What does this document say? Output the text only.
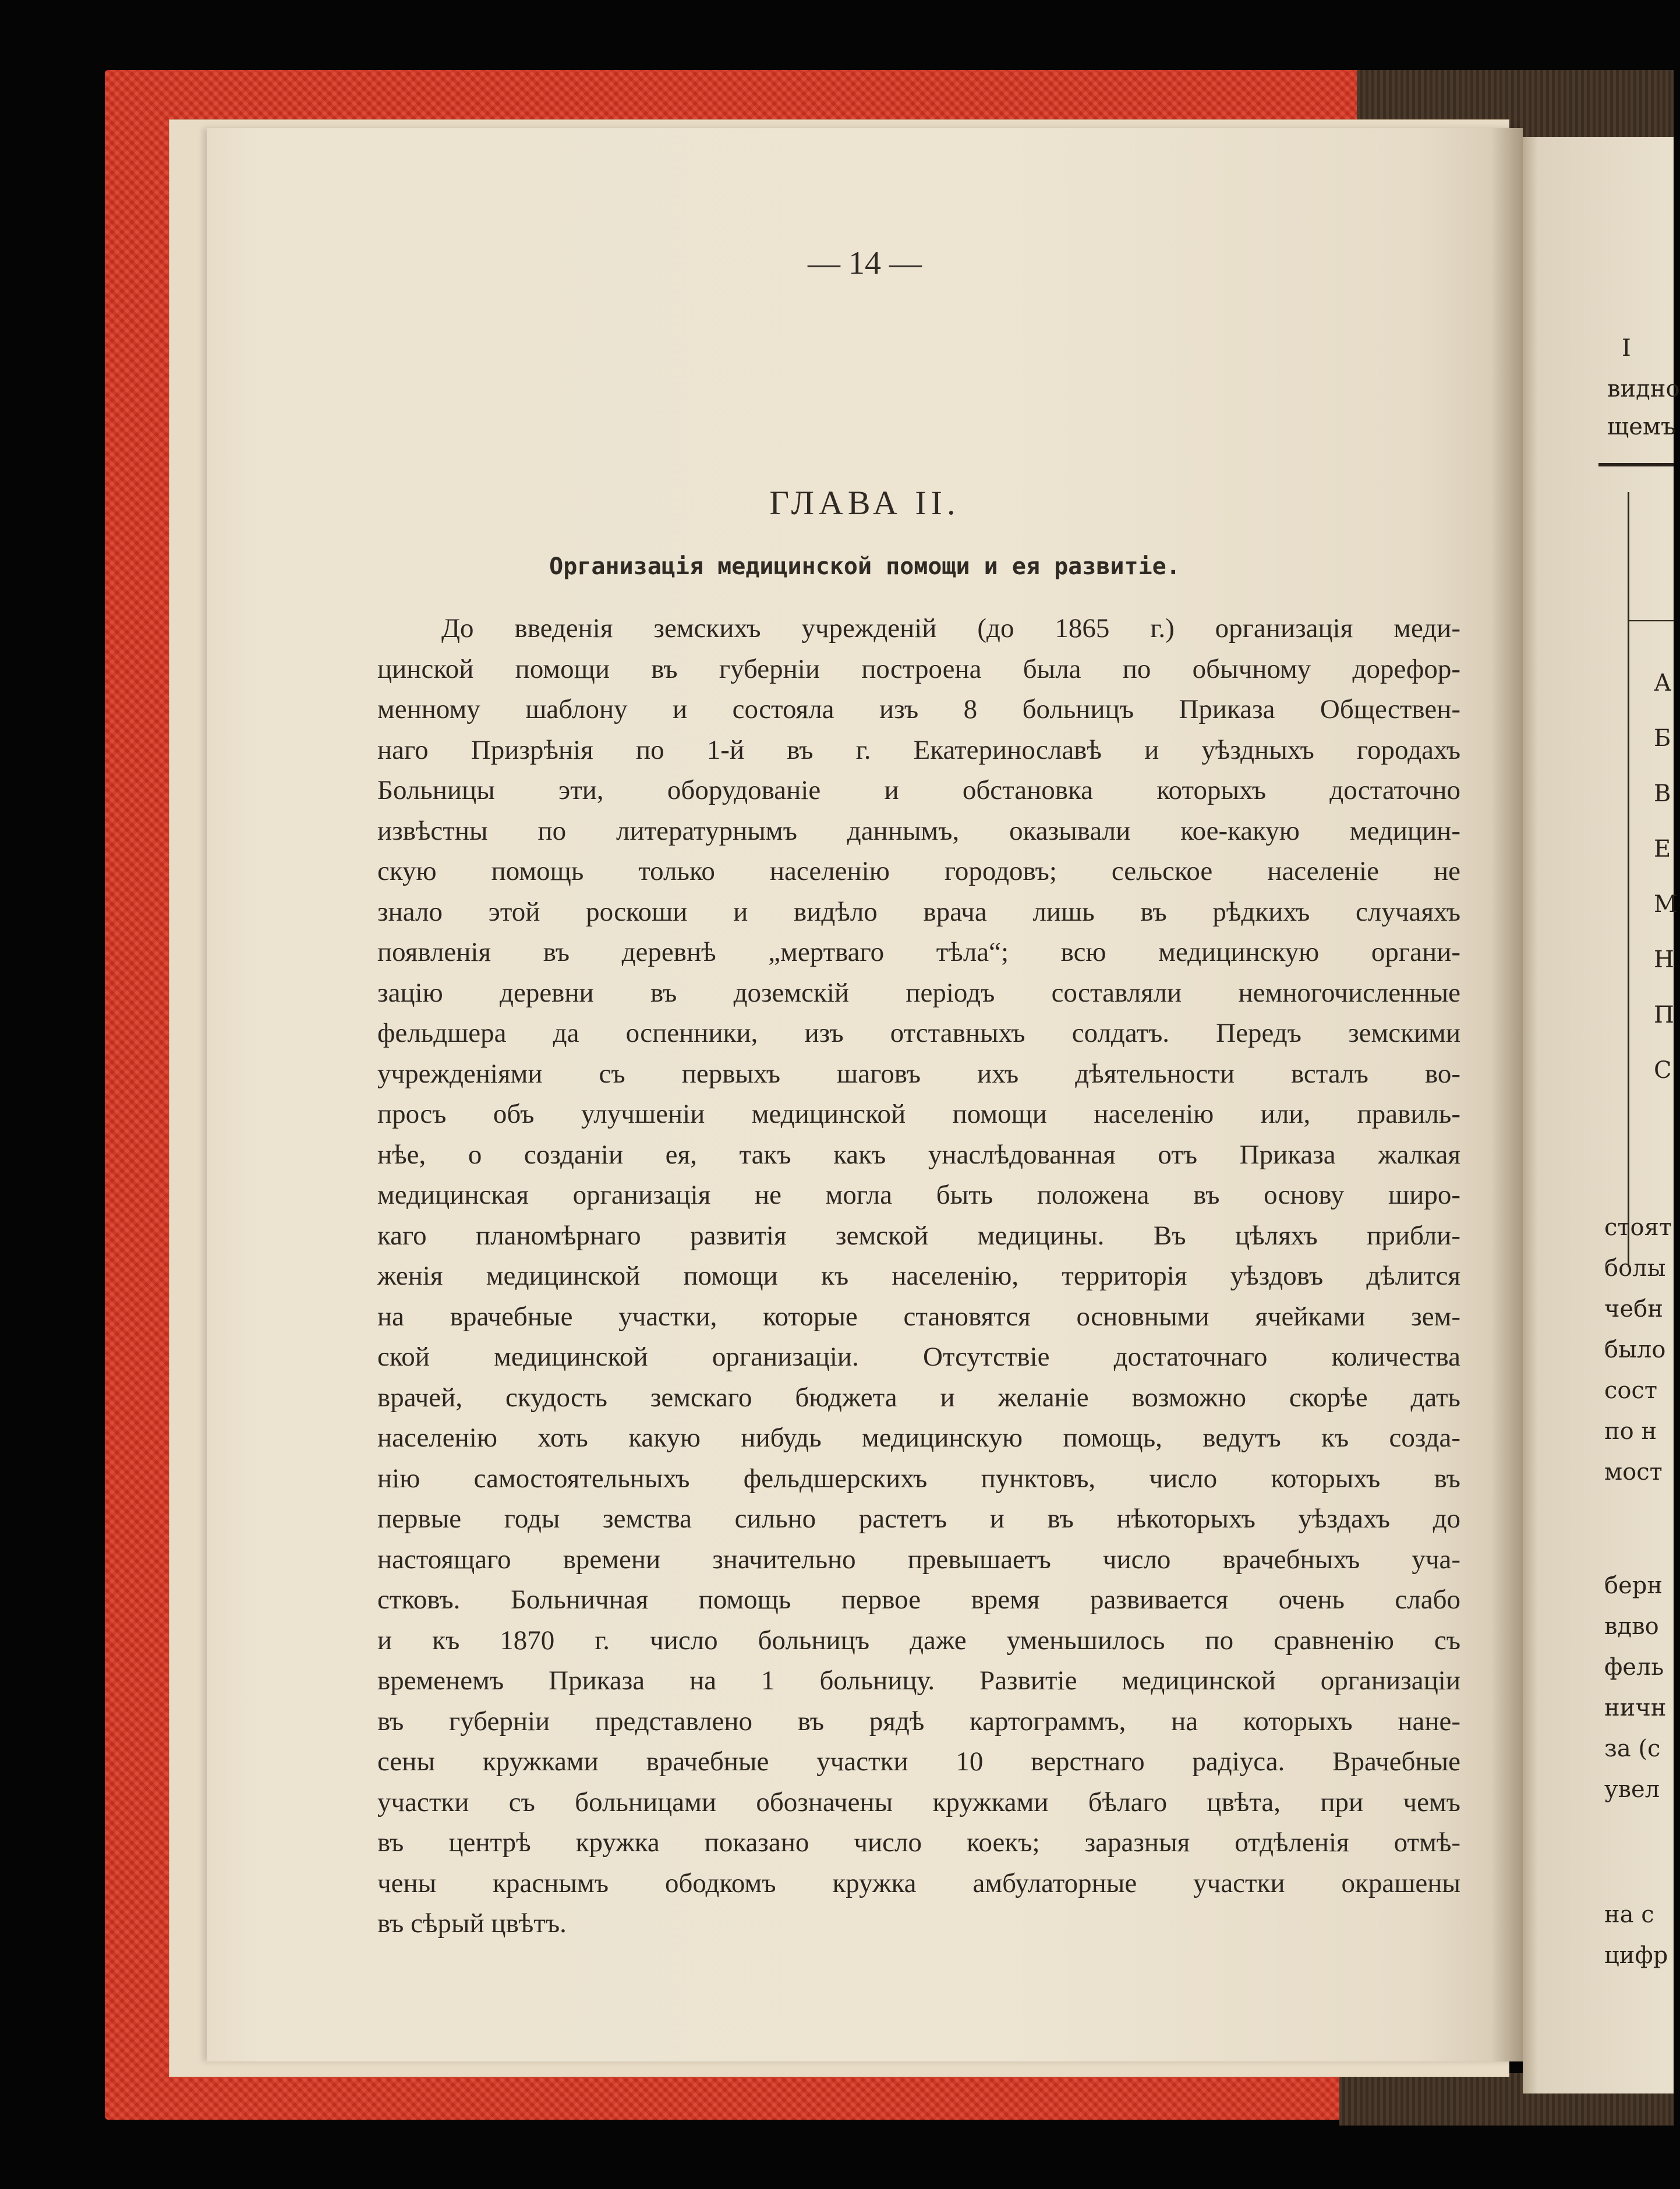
— 14 —
ГЛАВА II.
Организація медицинской помощи и ея развитіе.
До введенія земскихъ учрежденій (до 1865 г.) организація меди-
цинской помощи въ губерніи построена была по обычному дорефор-
менному шаблону и состояла изъ 8 больницъ Приказа Обществен-
наго Призрѣнія по 1-й въ г. Екатеринославѣ и уѣздныхъ городахъ
Больницы эти, оборудованіе и обстановка которыхъ достаточно
извѣстны по литературнымъ даннымъ, оказывали кое-какую медицин-
скую помощь только населенію городовъ; сельское населеніе не
знало этой роскоши и видѣло врача лишь въ рѣдкихъ случаяхъ
появленія въ деревнѣ „мертваго тѣла“; всю медицинскую органи-
зацію деревни въ доземскій періодъ составляли немногочисленные
фельдшера да оспенники, изъ отставныхъ солдатъ. Передъ земскими
учрежденіями съ первыхъ шаговъ ихъ дѣятельности всталъ во-
просъ объ улучшеніи медицинской помощи населенію или, правиль-
нѣе, о созданіи ея, такъ какъ унаслѣдованная отъ Приказа жалкая
медицинская организація не могла быть положена въ основу широ-
каго планомѣрнаго развитія земской медицины. Въ цѣляхъ прибли-
женія медицинской помощи къ населенію, территорія уѣздовъ дѣлится
на врачебные участки, которые становятся основными ячейками зем-
ской медицинской организаціи. Отсутствіе достаточнаго количества
врачей, скудость земскаго бюджета и желаніе возможно скорѣе дать
населенію хоть какую нибудь медицинскую помощь, ведутъ къ созда-
нію самостоятельныхъ фельдшерскихъ пунктовъ, число которыхъ въ
первые годы земства сильно растетъ и въ нѣкоторыхъ уѣздахъ до
настоящаго времени значительно превышаетъ число врачебныхъ уча-
стковъ. Больничная помощь первое время развивается очень слабо
и къ 1870 г. число больницъ даже уменьшилось по сравненію съ
временемъ Приказа на 1 больницу. Развитіе медицинской организаціи
въ губерніи представлено въ рядѣ картограммъ, на которыхъ нане-
сены кружками врачебные участки 10 верстнаго радіуса. Врачебные
участки съ больницами обозначены кружками бѣлаго цвѣта, при чемъ
въ центрѣ кружка показано число коекъ; заразныя отдѣленія отмѣ-
чены краснымъ ободкомъ кружка амбулаторные участки окрашены
въ сѣрый цвѣтъ.
I
видно
щемъ
А
Б
В
Е
М
Н
П
С
стоят
болы
чебн
было
сост
по н
мост
берн
вдво
фель
ничн
за (с
увел
на с
цифр
